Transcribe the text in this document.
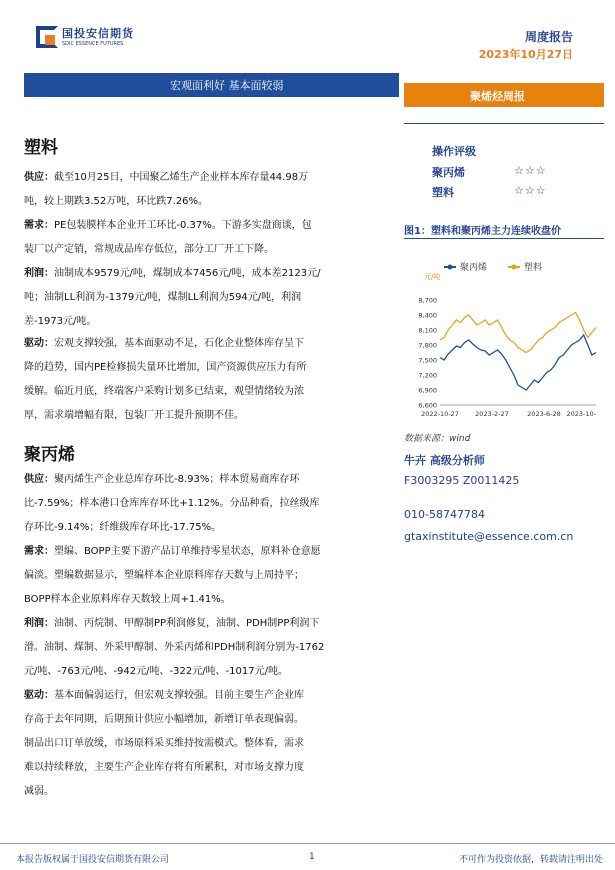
国投安信期货
SDIC ESSENCE FUTURES	周度报告
2023年10月27日
宏观面利好 基本面较弱
聚烯烃周报
塑料
供应：截至10月25日，中国聚乙烯生产企业样本库存量44.98万
吨，较上期跌3.52万吨，环比跌7.26%。
需求：PE包装膜样本企业开工环比-0.37%。下游多实盘商谈，包
装厂以产定销，常规成品库存低位，部分工厂开工下降。
利润：油制成本9579元/吨，煤制成本7456元/吨，成本差2123元/
吨；油制LL利润为-1379元/吨，煤制LL利润为594元/吨，利润
差-1973元/吨。
驱动：宏观支撑较强，基本面驱动不足，石化企业整体库存呈下
降的趋势，国内PE检修损失量环比增加，国产资源供应压力有所
缓解。临近月底，终端客户采购计划多已结束，观望情绪较为浓
厚，需求端增幅有限，包装厂开工提升预期不佳。
聚丙烯
供应：聚丙烯生产企业总库存环比-8.93%；样本贸易商库存环
比-7.59%；样本港口仓库库存环比+1.12%。分品种看，拉丝级库
存环比-9.14%；纤维级库存环比-17.75%。
需求：塑编、BOPP主要下游产品订单维持零星状态，原料补仓意愿
偏淡。塑编数据显示，塑编样本企业原料库存天数与上周持平；
BOPP样本企业原料库存天数较上周+1.41%。
利润：油制、丙烷制、甲醇制PP利润修复，油制、PDH制PP利润下
滑。油制、煤制、外采甲醇制、外采丙烯和PDH制利润分别为-1762
元/吨、-763元/吨、-942元/吨、-322元/吨、-1017元/吨。
驱动：基本面偏弱运行，但宏观支撑较强。目前主要生产企业库
存高于去年同期，后期预计供应小幅增加，新增订单表现偏弱。
制品出口订单放缓，市场原料采买维持按需模式。整体看，需求
难以持续释放，主要生产企业库存将有所累积，对市场支撑力度
减弱。
操作评级
聚丙烯	☆☆☆
塑料	☆☆☆
图1：塑料和聚丙烯主力连续收盘价
聚丙烯	塑料
元/吨
6,600
6,900
7,200
7,500
7,800
8,100
8,400
8,700
2022-10-27	2023-2-27	2023-6-28 2023-10-
数据来源：wind
牛卉 高级分析师
F3003295 Z0011425
010-58747784
gtaxinstitute@essence.com.cn
本报告版权属于国投安信期货有限公司	1	不可作为投资依据，转载请注明出处
